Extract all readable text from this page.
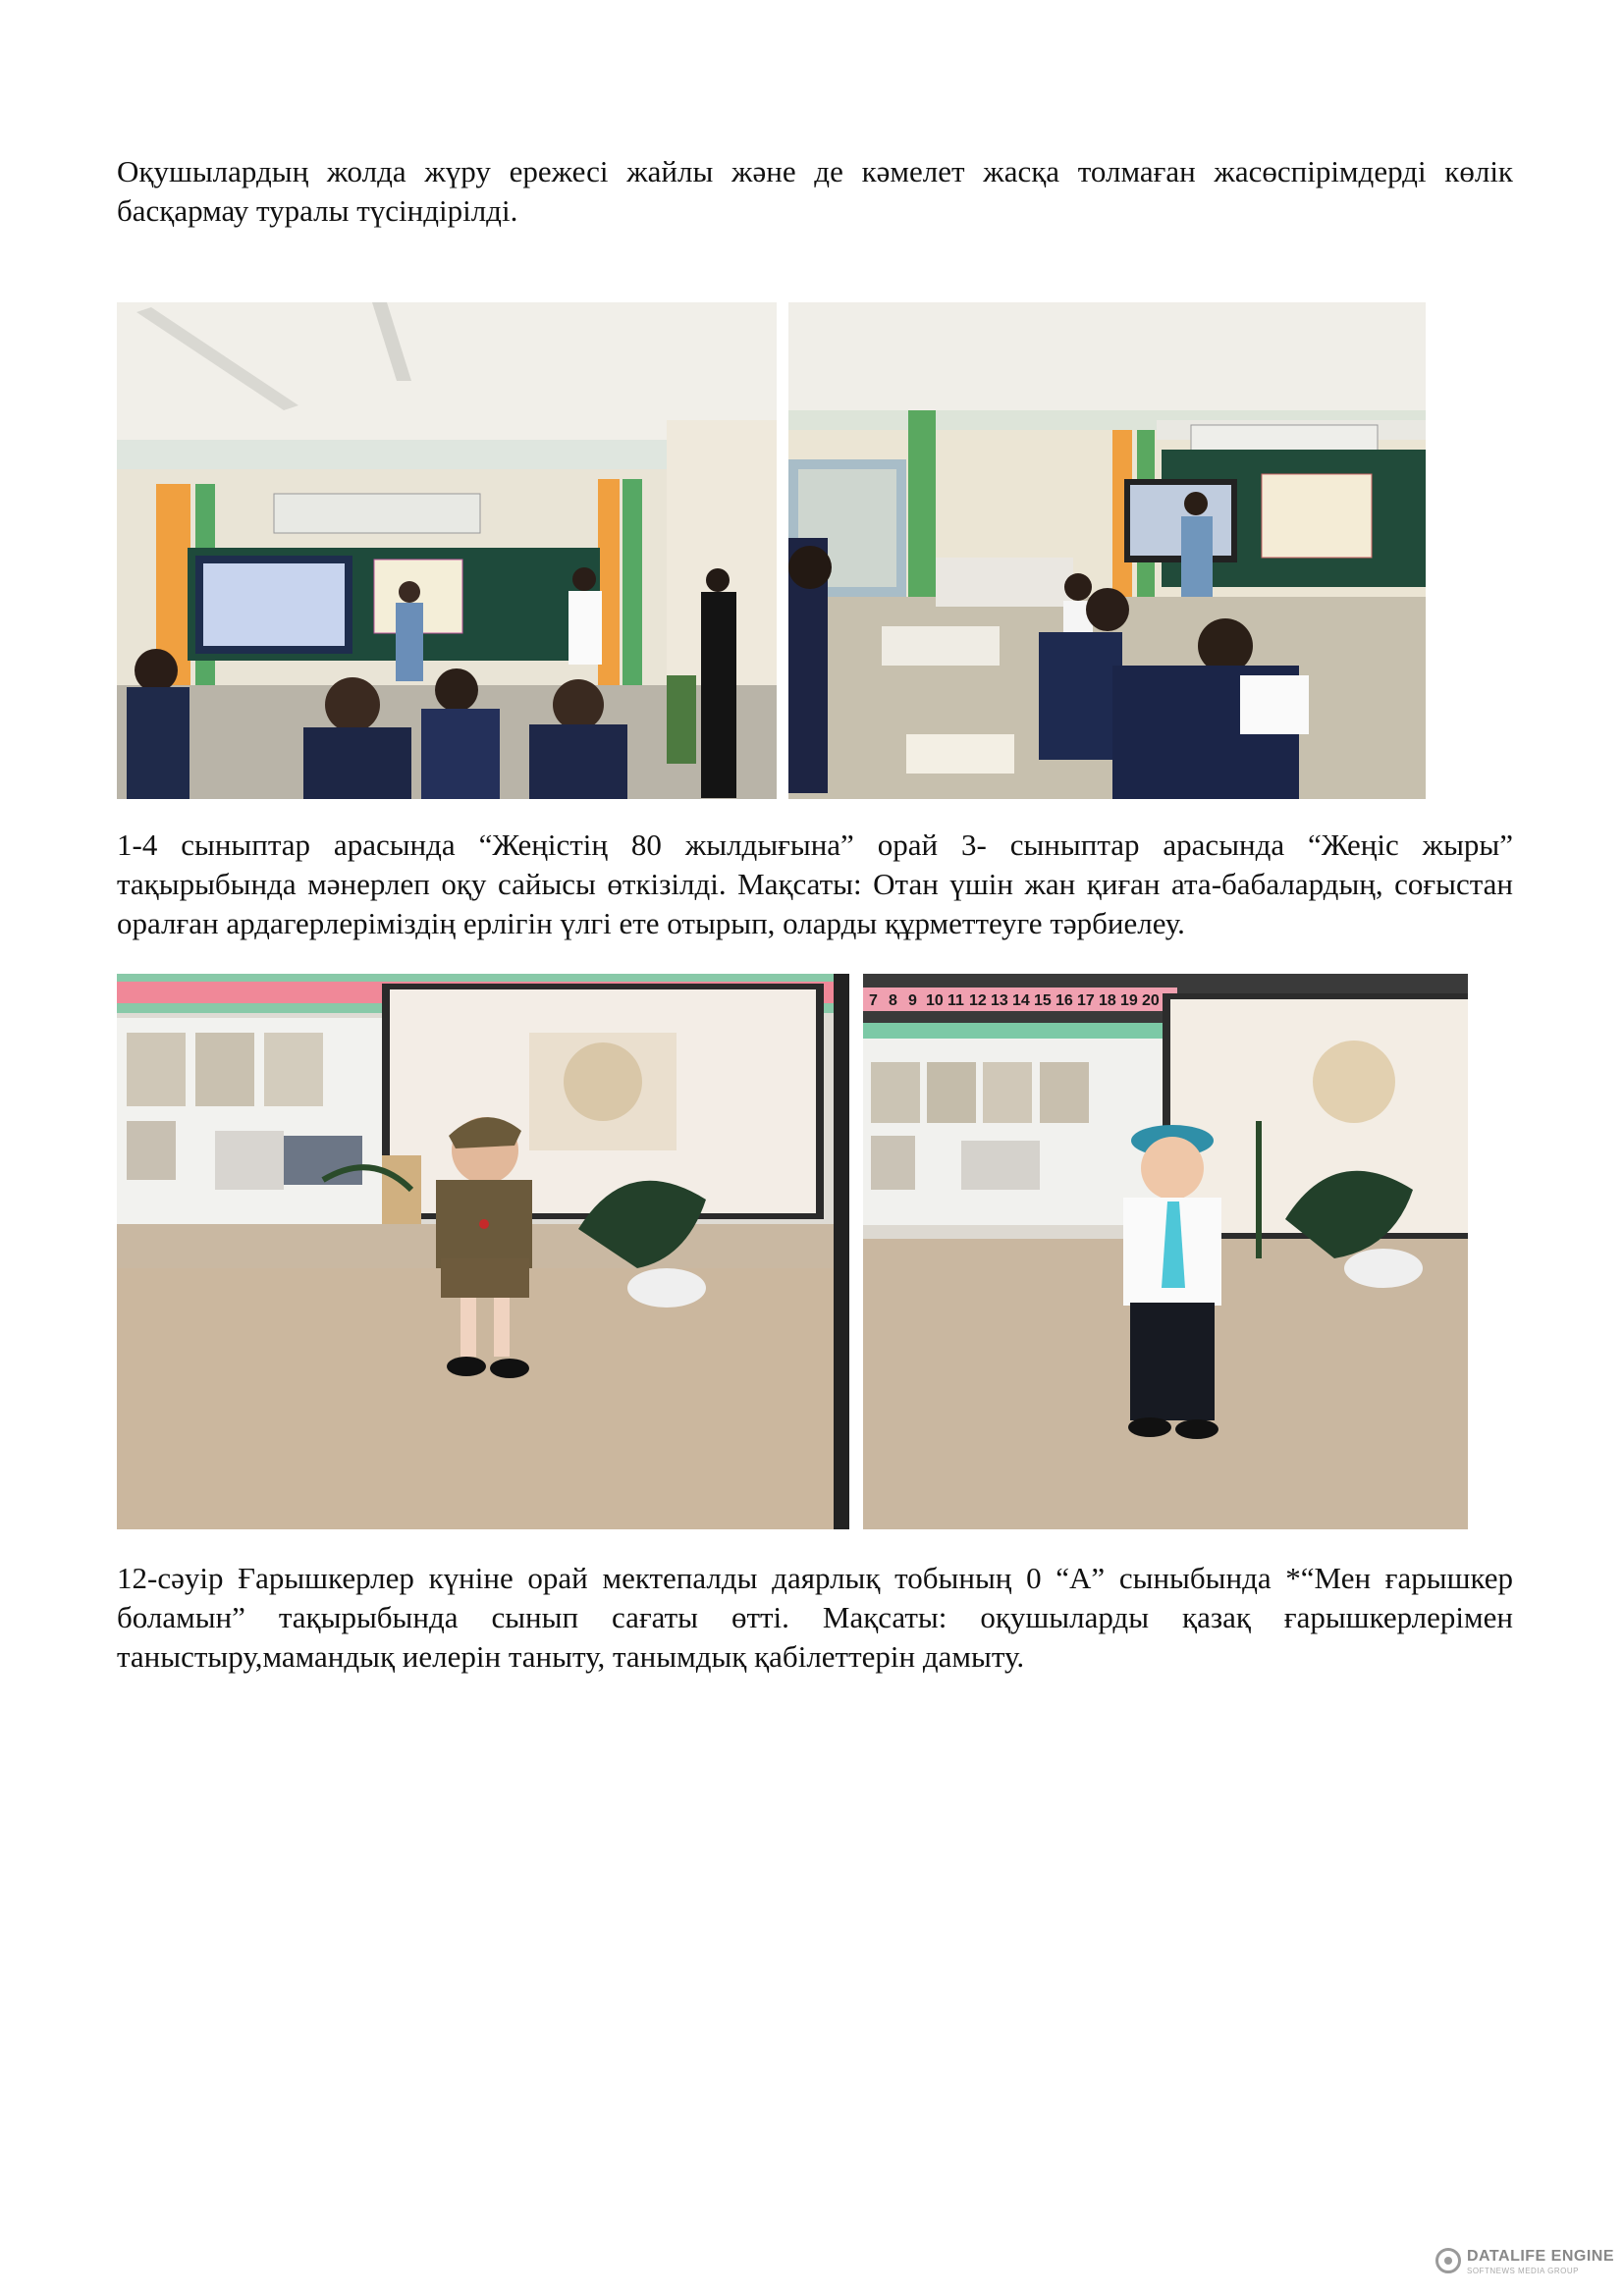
Оқушылардың жолда жүру ережесі жайлы және де кәмелет жасқа толмаған жасөспірімдерді көлік басқармау туралы түсіндірілді.

1-4 сыныптар арасында “Жеңістің 80 жылдығына” орай 3- сыныптар арасында “Жеңіс жыры” тақырыбында мәнерлеп оқу сайысы өткізілді. Мақсаты: Отан үшін жан қиған ата-бабалардың, соғыстан оралған ардагерлеріміздің ерлігін үлгі ете отырып, оларды құрметтеуге тәрбиелеу.

7 8 9 10 11 12 13 14 15 16 17 18 19 20

12-сәуір Ғарышкерлер күніне орай мектепалды даярлық тобының 0 “А” сыныбында *“Мен ғарышкер боламын” тақырыбында сынып сағаты өтті. Мақсаты: оқушыларды қазақ ғарышкерлерімен таныстыру,мамандық иелерін таныту, танымдық қабілеттерін дамыту.

DATALIFE ENGINE
SOFTNEWS MEDIA GROUP
